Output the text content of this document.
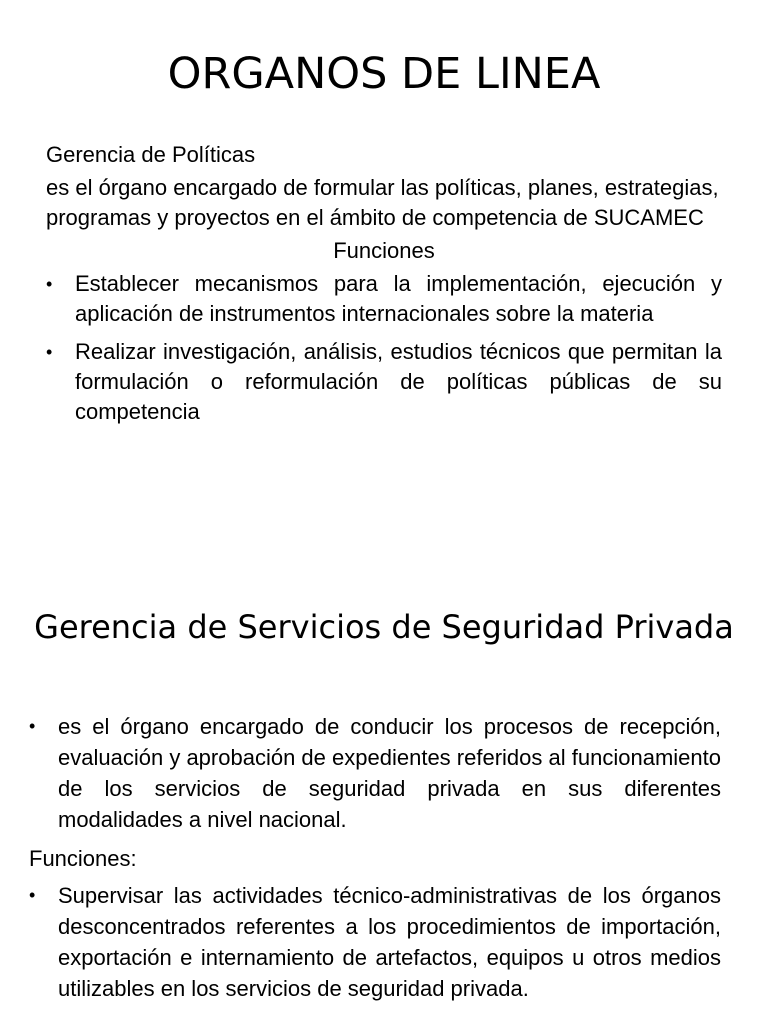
ORGANOS DE LINEA

Gerencia de Políticas

es el órgano encargado de formular las políticas, planes, estrategias, programas y proyectos en el ámbito de competencia de SUCAMEC

Funciones

• Establecer mecanismos para la implementación, ejecución y aplicación de instrumentos internacionales sobre la materia
• Realizar investigación, análisis, estudios técnicos que permitan la formulación o reformulación de políticas públicas de su competencia
Gerencia de Servicios de Seguridad Privada
• es el órgano encargado de conducir los procesos de recepción, evaluación y aprobación de expedientes referidos al funcionamiento de los servicios de seguridad privada en sus diferentes modalidades a nivel nacional.

Funciones:

• Supervisar las actividades técnico-administrativas de los órganos desconcentrados referentes a los procedimientos de importación, exportación e internamiento de artefactos, equipos u otros medios utilizables en los servicios de seguridad privada.
